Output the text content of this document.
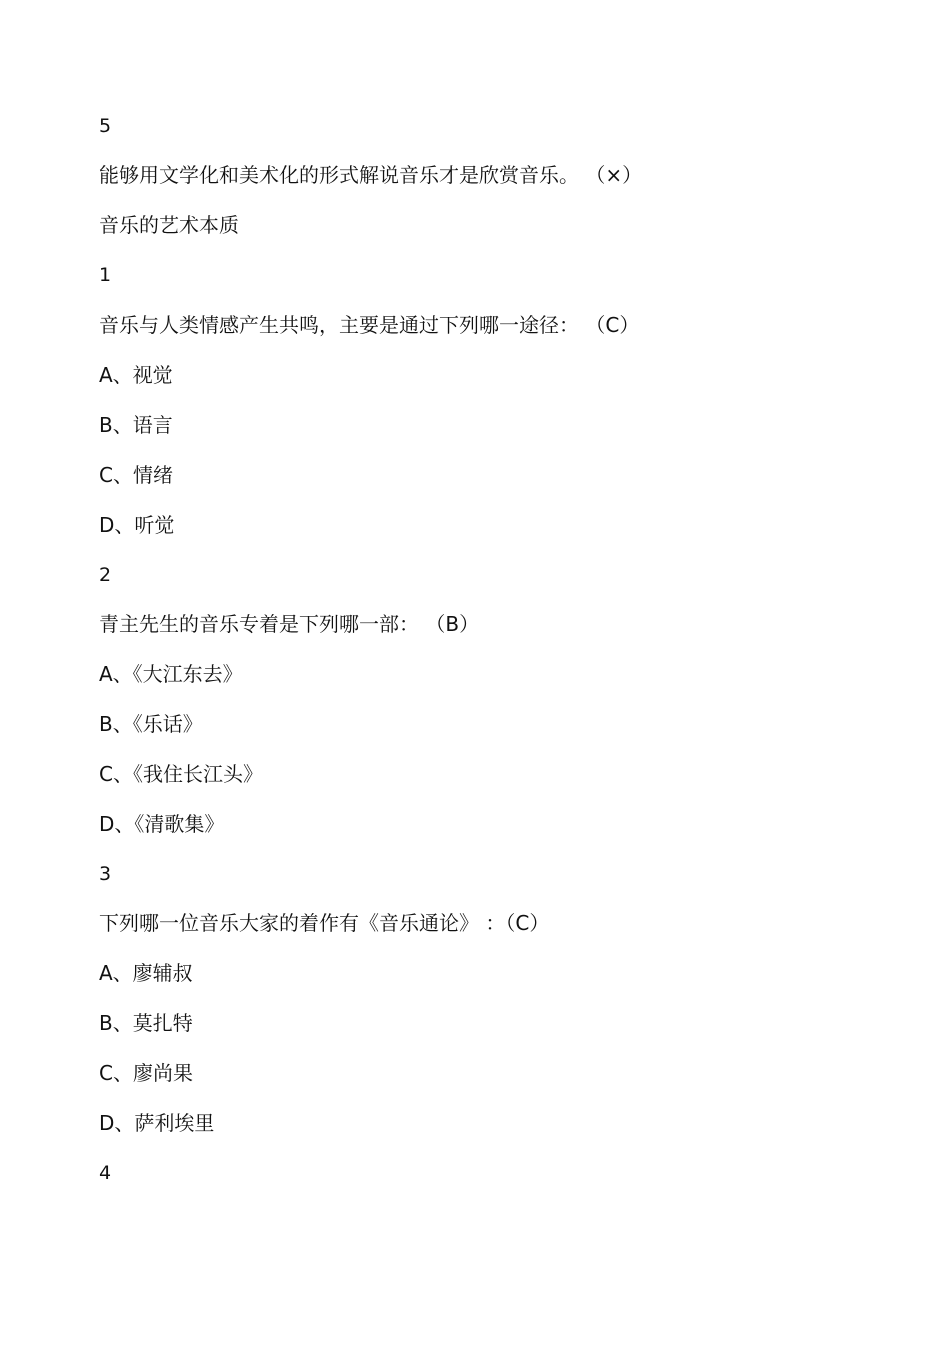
5
能够用文学化和美术化的形式解说音乐才是欣赏音乐。 （×）
音乐的艺术本质
1
音乐与人类情感产生共鸣，主要是通过下列哪一途径： （C）
A、视觉
B、语言
C、情绪
D、听觉
2
青主先生的音乐专着是下列哪一部： （B）
A、《大江东去》
B、《乐话》
C、《我住长江头》
D、《清歌集》
3
下列哪一位音乐大家的着作有《音乐通论》 ：（C）
A、廖辅叔
B、莫扎特
C、廖尚果
D、萨利埃里
4
